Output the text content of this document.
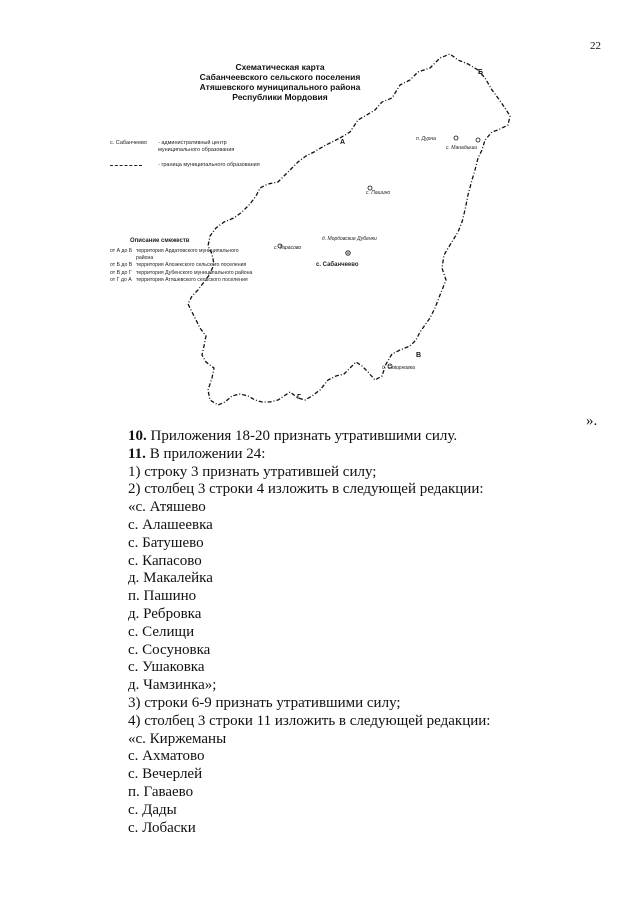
22
Схематическая карта
Сабанчеевского сельского поселения
Атяшевского муниципального района
Республики Мордовия
с. Сабанчеево	- административный центр муниципального образования
- граница муниципального образования
Описание смежеств
от А до Б территория Ардатовского муниципального района
от Б до В территория Алозекского сельского поселения
от В до Г территория Дубенского муниципального района
от Г до А территория Атяшевского сельского поселения
п. Дурна
с. Манадыши
с. Пашино
с. Тарасово
д. Мордовские Дубенки
с. Сабанчеево
д. Скворновка
А
Б
В
Г
».
10. Приложения 18-20 признать утратившими силу.
11. В приложении 24:
1) строку 3 признать утратившей силу;
2) столбец 3 строки 4 изложить в следующей редакции:
«с. Атяшево
с. Алашеевка
с. Батушево
с. Капасово
д. Макалейка
п. Пашино
д. Ребровка
с. Селищи
с. Сосуновка
с. Ушаковка
д. Чамзинка»;
3) строки 6-9 признать утратившими силу;
4) столбец 3 строки 11 изложить в следующей редакции:
«с. Киржеманы
с. Ахматово
с. Вечерлей
п. Гаваево
с. Дады
с. Лобаски
